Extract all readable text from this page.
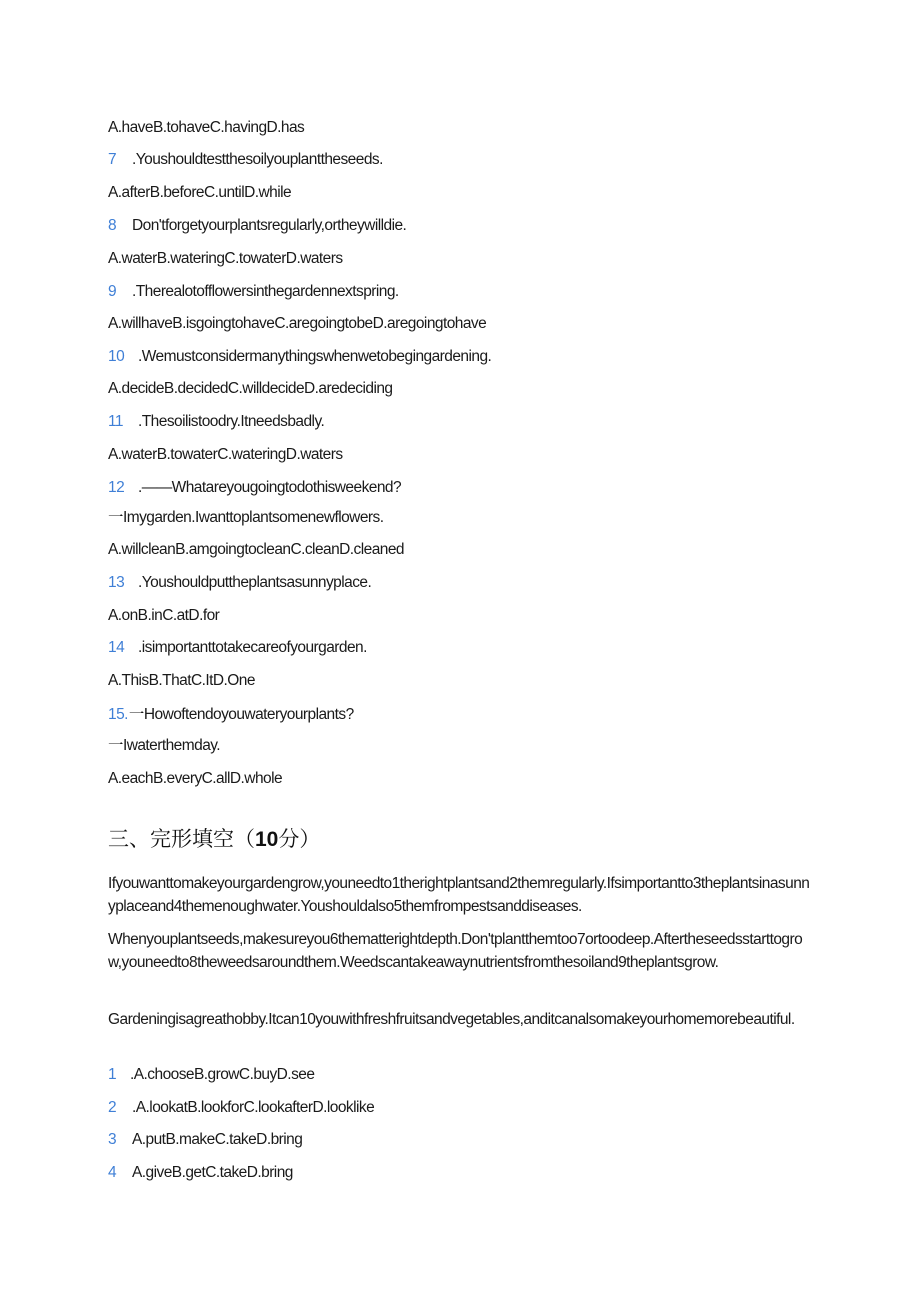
A.haveB.tohaveC.havingD.has
7 .Youshouldtestthesoilyouplanttheseeds.
A.afterB.beforeC.untilD.while
8 Don'tforgetyourplantsregularly,ortheywilldie.
A.waterB.wateringC.towaterD.waters
9 .Therealotofflowersinthegardennextspring.
A.willhaveB.isgoingtohaveC.aregoingtobeD.aregoingtohave
10 .Wemustconsidermanythingswhenwetobegingardening.
A.decideB.decidedC.willdecideD.aredeciding
11 .Thesoilistoodry.Itneedsbadly.
A.waterB.towaterC.wateringD.waters
12 .——Whatareyougoingtodothisweekend?
一Imygarden.Iwanttoplantsomenewflowers.
A.willcleanB.amgoingtocleanC.cleanD.cleaned
13 .Youshouldputtheplantsasunnyplace.
A.onB.inC.atD.for
14 .isimportanttotakecareofyourgarden.
A.ThisB.ThatC.ItD.One
15.一Howoftendoyouwateryourplants?
一Iwaterthemday.
A.eachB.everyC.allD.whole
三、完形填空（10分）
Ifyouwanttomakeyourgardengrow,youneedto1therightplantsand2themregularly.Ifsimportantto3theplantsinasunnyplaceand4themenoughwater.Youshouldalso5themfrompestsanddiseases.
Whenyouplantseeds,makesureyou6thematterightdepth.Don'tplantthemtoo7ortoodeep.Aftertheseedsstarttogrow,youneedto8theweedsaroundthem.Weedscantakeawaynutrientsfromthesoiland9theplantsgrow.
Gardeningisagreathobby.Itcan10youwithfreshfruitsandvegetables,anditcanalsomakeyourhomemorebeautiful.
1 .A.chooseB.growC.buyD.see
2 .A.lookatB.lookforC.lookafterD.looklike
3 A.putB.makeC.takeD.bring
4 A.giveB.getC.takeD.bring
